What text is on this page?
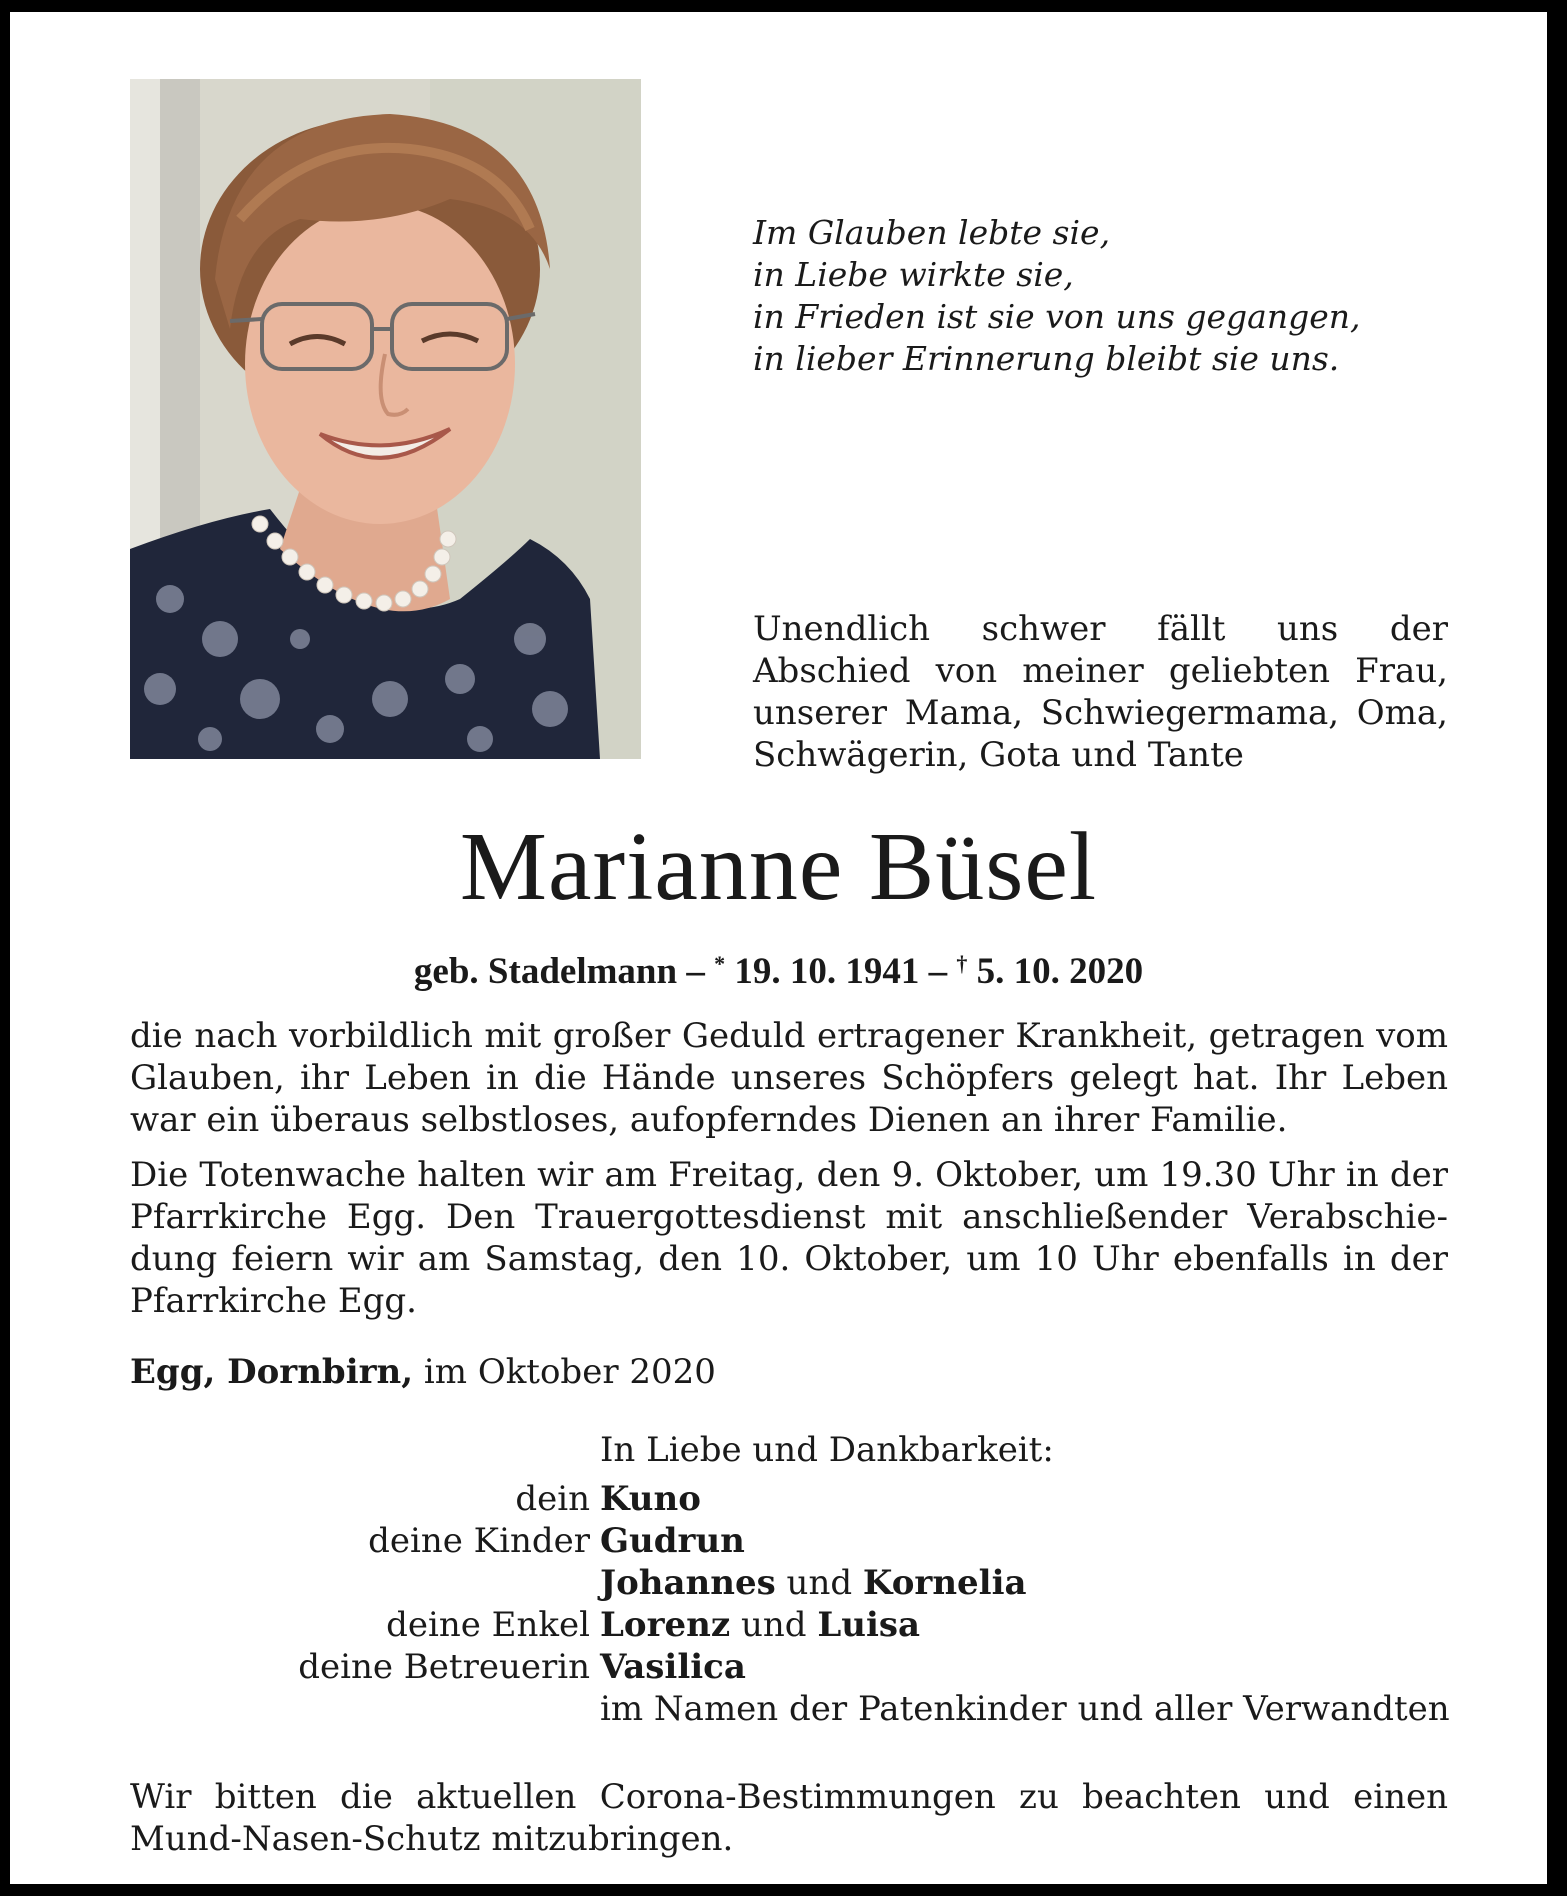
Im Glauben lebte sie,
in Liebe wirkte sie,
in Frieden ist sie von uns gegangen,
in lieber Erinnerung bleibt sie uns.
Unendlich schwer fällt uns der Abschied von meiner geliebten Frau, unserer Mama, Schwiegermama, Oma, Schwägerin, Gota und Tante
Marianne Büsel
geb. Stadelmann – * 19. 10. 1941 – † 5. 10. 2020
die nach vorbildlich mit großer Geduld ertragener Krankheit, getragen vom Glauben, ihr Leben in die Hände unseres Schöpfers gelegt hat. Ihr Leben war ein überaus selbstloses, aufopferndes Dienen an ihrer Familie.
Die Totenwache halten wir am Freitag, den 9. Oktober, um 19.30 Uhr in der Pfarrkirche Egg. Den Trauergottesdienst mit anschließender Verabschiedung feiern wir am Samstag, den 10. Oktober, um 10 Uhr ebenfalls in der Pfarrkirche Egg.
Egg, Dornbirn, im Oktober 2020
In Liebe und Dankbarkeit:
dein Kuno
deine Kinder Gudrun
Johannes und Kornelia
deine Enkel Lorenz und Luisa
deine Betreuerin Vasilica
im Namen der Patenkinder und aller Verwandten
Wir bitten die aktuellen Corona-Bestimmungen zu beachten und einen Mund-Nasen-Schutz mitzubringen.
